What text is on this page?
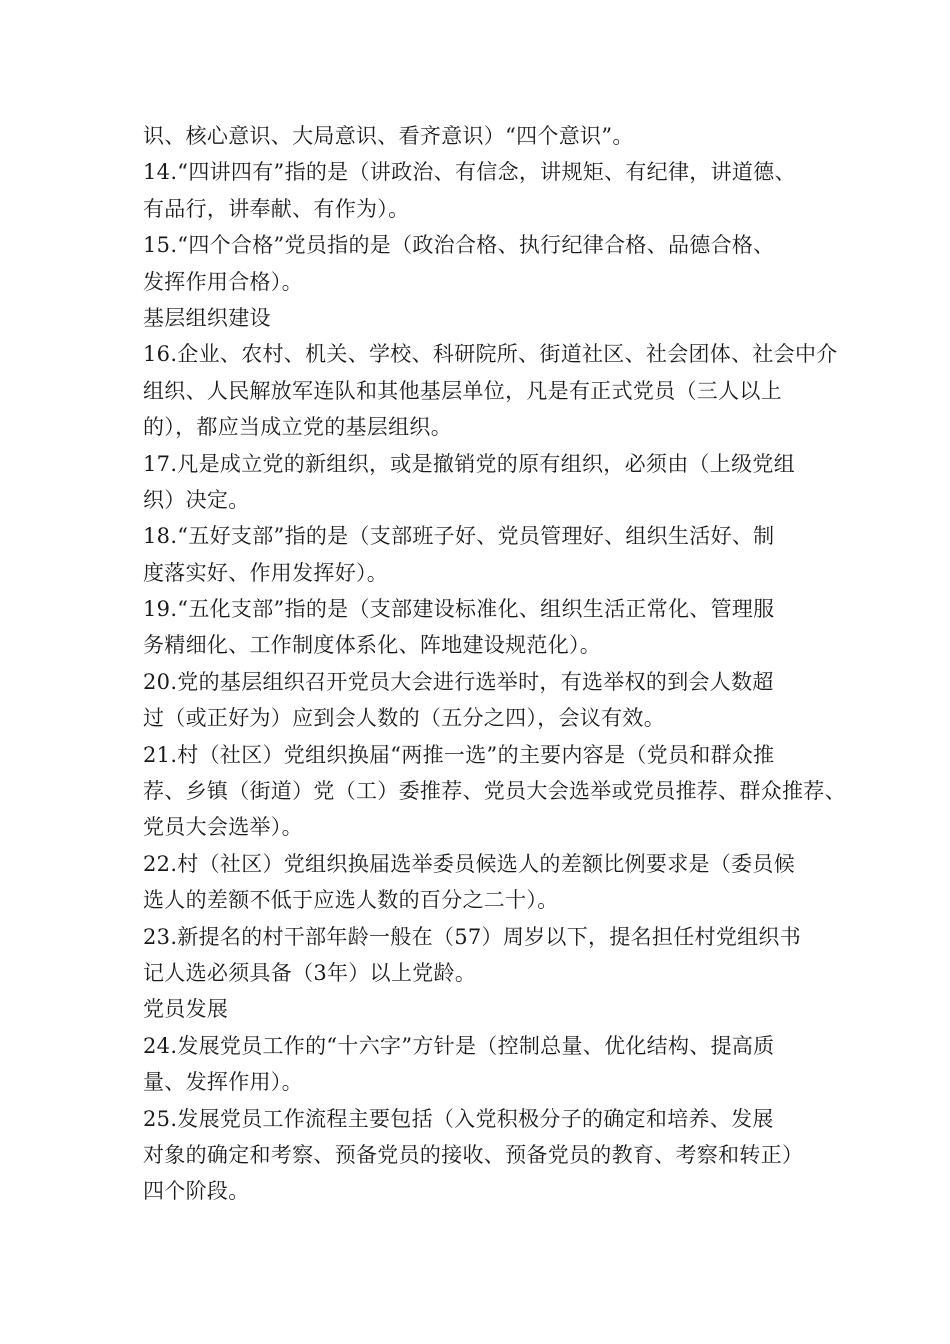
识、核心意识、大局意识、看齐意识）“四个意识”。
14.“四讲四有”指的是（讲政治、有信念，讲规矩、有纪律，讲道德、
有品行，讲奉献、有作为）。
15.“四个合格”党员指的是（政治合格、执行纪律合格、品德合格、
发挥作用合格）。
基层组织建设
16.企业、农村、机关、学校、科研院所、街道社区、社会团体、社会中介
组织、人民解放军连队和其他基层单位，凡是有正式党员（三人以上
的），都应当成立党的基层组织。
17.凡是成立党的新组织，或是撤销党的原有组织，必须由（上级党组
织）决定。
18.“五好支部”指的是（支部班子好、党员管理好、组织生活好、制
度落实好、作用发挥好）。
19.“五化支部”指的是（支部建设标准化、组织生活正常化、管理服
务精细化、工作制度体系化、阵地建设规范化）。
20.党的基层组织召开党员大会进行选举时，有选举权的到会人数超
过（或正好为）应到会人数的（五分之四），会议有效。
21.村（社区）党组织换届“两推一选”的主要内容是（党员和群众推
荐、乡镇（街道）党（工）委推荐、党员大会选举或党员推荐、群众推荐、
党员大会选举）。
22.村（社区）党组织换届选举委员候选人的差额比例要求是（委员候
选人的差额不低于应选人数的百分之二十）。
23.新提名的村干部年龄一般在（57）周岁以下，提名担任村党组织书
记人选必须具备（3年）以上党龄。
党员发展
24.发展党员工作的“十六字”方针是（控制总量、优化结构、提高质
量、发挥作用）。
25.发展党员工作流程主要包括（入党积极分子的确定和培养、发展
对象的确定和考察、预备党员的接收、预备党员的教育、考察和转正）
四个阶段。
